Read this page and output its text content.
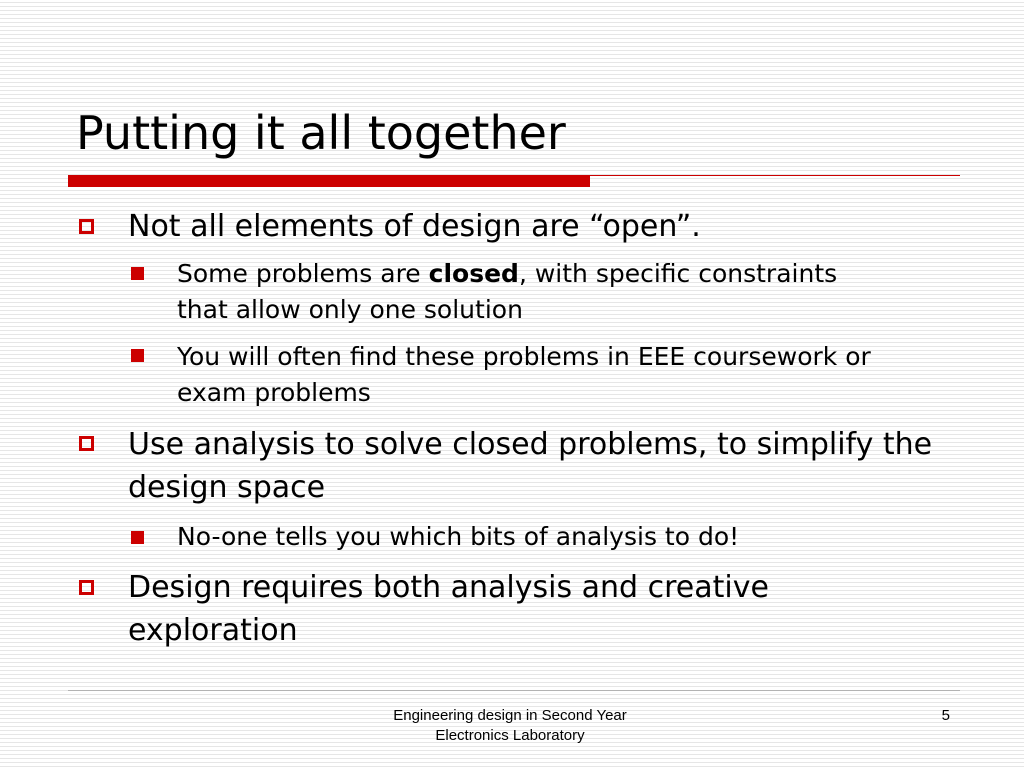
Putting it all together
Not all elements of design are “open”.
Some problems are closed, with specific constraints that allow only one solution
You will often find these problems in EEE coursework or exam problems
Use analysis to solve closed problems, to simplify the design space
No-one tells you which bits of analysis to do!
Design requires both analysis and creative exploration
Engineering design in Second Year
Electronics Laboratory
5
